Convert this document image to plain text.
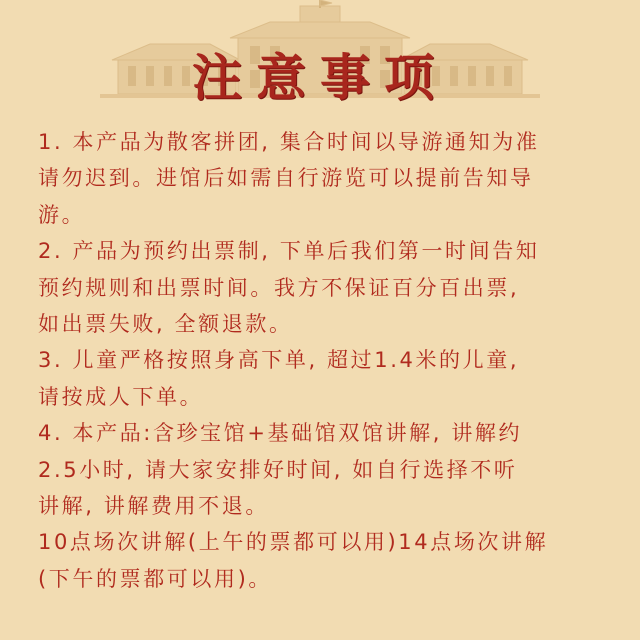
注意事项
1. 本产品为散客拼团, 集合时间以导游通知为准
请勿迟到。进馆后如需自行游览可以提前告知导
游。
2. 产品为预约出票制, 下单后我们第一时间告知
预约规则和出票时间。我方不保证百分百出票,
如出票失败, 全额退款。
3. 儿童严格按照身高下单, 超过1.4米的儿童,
请按成人下单。
4. 本产品:含珍宝馆+基础馆双馆讲解, 讲解约
2.5小时, 请大家安排好时间, 如自行选择不听
讲解, 讲解费用不退。
10点场次讲解(上午的票都可以用)14点场次讲解
(下午的票都可以用)。
